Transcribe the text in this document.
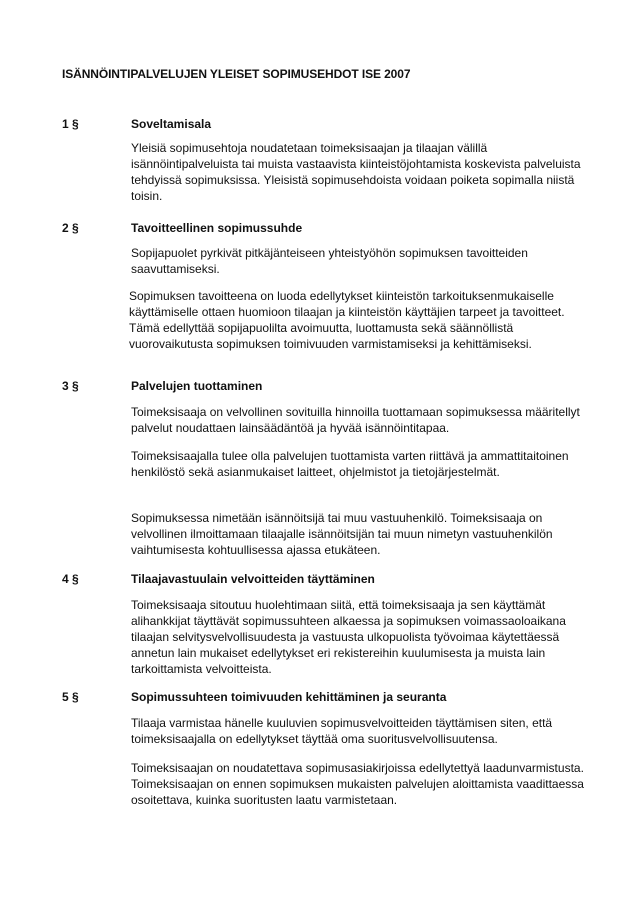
ISÄNNÖINTIPALVELUJEN YLEISET SOPIMUSEHDOT ISE 2007
1 §	Soveltamisala

Yleisiä sopimusehtoja noudatetaan toimeksisaajan ja tilaajan välillä isännöintipalveluista tai muista vastaavista kiinteistöjohtamista koskevista palveluista tehdyissä sopimuksissa. Yleisistä sopimusehdoista voidaan poiketa sopimalla niistä toisin.

2 §	Tavoitteellinen sopimussuhde

Sopijapuolet pyrkivät pitkäjänteiseen yhteistyöhön sopimuksen tavoitteiden saavuttamiseksi.

Sopimuksen tavoitteena on luoda edellytykset kiinteistön tarkoituksenmukaiselle käyttämiselle ottaen huomioon tilaajan ja kiinteistön käyttäjien tarpeet ja tavoitteet. Tämä edellyttää sopijapuolilta avoimuutta, luottamusta sekä säännöllistä vuorovaikutusta sopimuksen toimivuuden varmistamiseksi ja kehittämiseksi.

3 §	Palvelujen tuottaminen

Toimeksisaaja on velvollinen sovituilla hinnoilla tuottamaan sopimuksessa määritellyt palvelut noudattaen lainsäädäntöä ja hyvää isännöintitapaa.

Toimeksisaajalla tulee olla palvelujen tuottamista varten riittävä ja ammattitaitoinen henkilöstö sekä asianmukaiset laitteet, ohjelmistot ja tietojärjestelmät.

Sopimuksessa nimetään isännöitsijä tai muu vastuuhenkilö. Toimeksisaaja on velvollinen ilmoittamaan tilaajalle isännöitsijän tai muun nimetyn vastuuhenkilön vaihtumisesta kohtuullisessa ajassa etukäteen.

4 §	Tilaajavastuulain velvoitteiden täyttäminen

Toimeksisaaja sitoutuu huolehtimaan siitä, että toimeksisaaja ja sen käyttämät alihankkijat täyttävät sopimussuhteen alkaessa ja sopimuksen voimassaoloaikana tilaajan selvitysvelvollisuudesta ja vastuusta ulkopuolista työvoimaa käytettäessä annetun lain mukaiset edellytykset eri rekistereihin kuulumisesta ja muista lain tarkoittamista velvoitteista.

5 §	Sopimussuhteen toimivuuden kehittäminen ja seuranta

Tilaaja varmistaa hänelle kuuluvien sopimusvelvoitteiden täyttämisen siten, että toimeksisaajalla on edellytykset täyttää oma suoritusvelvollisuutensa.

Toimeksisaajan on noudatettava sopimusasiakirjoissa edellytettyä laadunvarmistusta. Toimeksisaajan on ennen sopimuksen mukaisten palvelujen aloittamista vaadittaessa osoitettava, kuinka suoritusten laatu varmistetaan.
